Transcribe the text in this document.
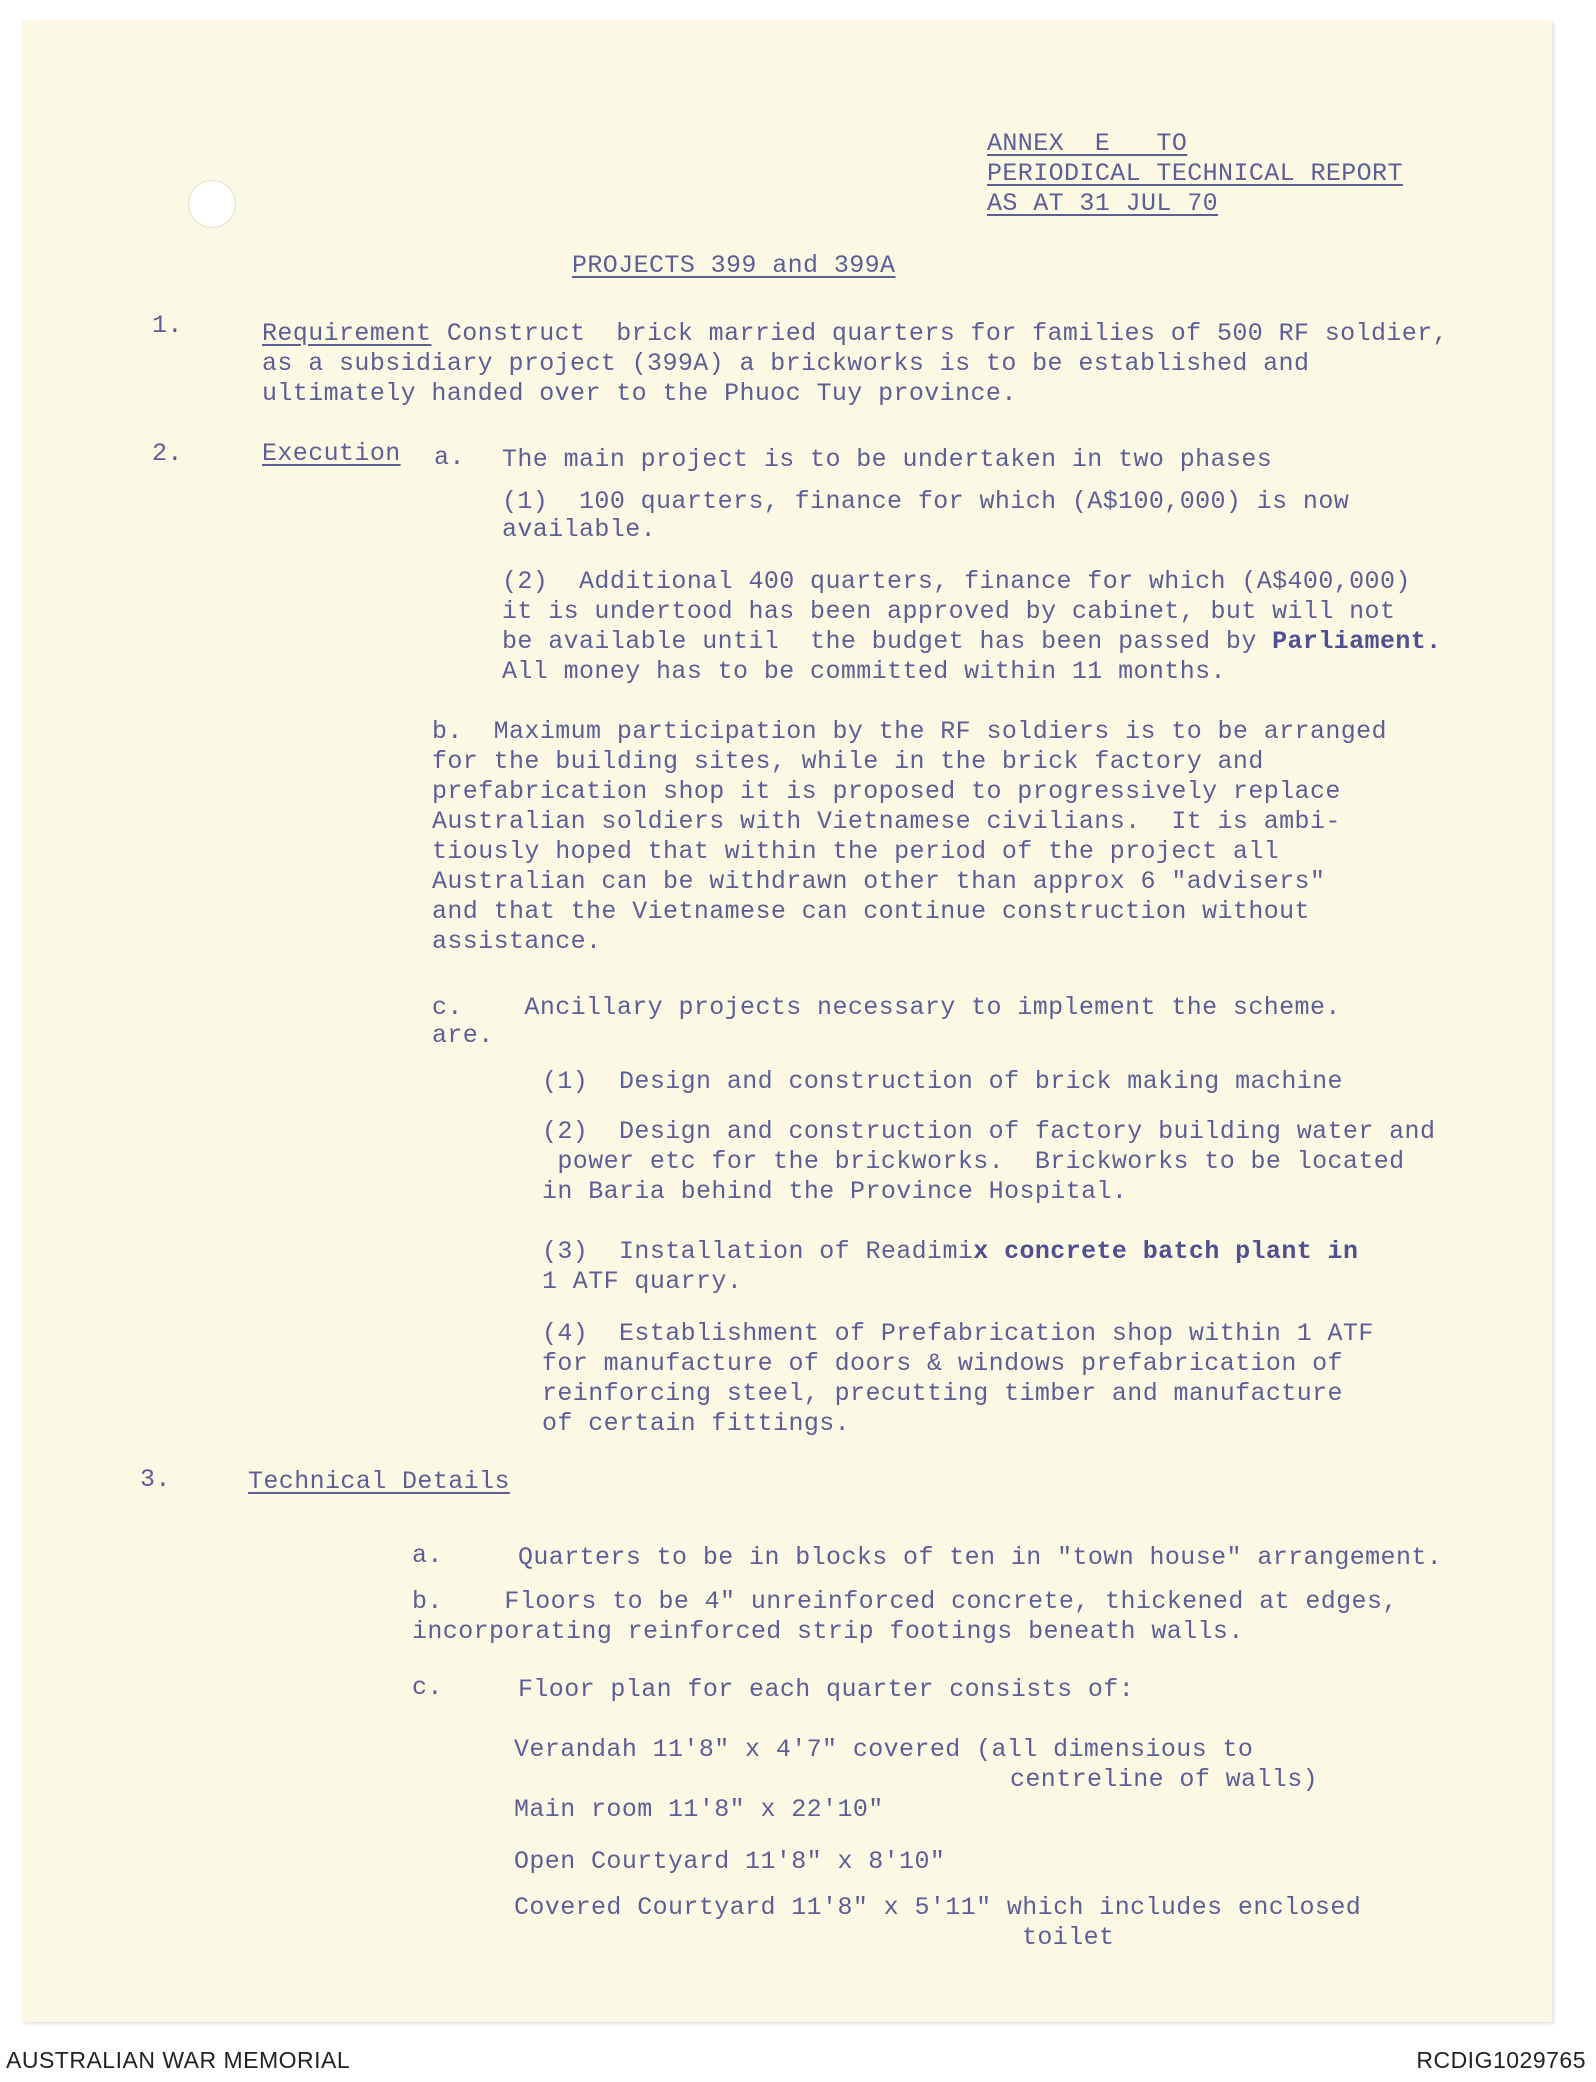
ANNEX  E   TO

PERIODICAL TECHNICAL REPORT

AS AT 31 JUL 70

PROJECTS 399 and 399A

1.	Requirement Construct  brick married quarters for families of 500 RF soldier,

as a subsidiary project (399A) a brickworks is to be established and

ultimately handed over to the Phuoc Tuy province.

2.	Execution a. The main project is to be undertaken in two phases

(1)  100 quarters, finance for which (A$100,000) is now

available.

(2)  Additional 400 quarters, finance for which (A$400,000)

it is undertood has been approved by cabinet, but will not

be available until  the budget has been passed by Parliament.

All money has to be committed within 11 months.

b.  Maximum participation by the RF soldiers is to be arranged

for the building sites, while in the brick factory and

prefabrication shop it is proposed to progressively replace

Australian soldiers with Vietnamese civilians.  It is ambi-

tiously hoped that within the period of the project all

Australian can be withdrawn other than approx 6 "advisers"

and that the Vietnamese can continue construction without

assistance.

c.    Ancillary projects necessary to implement the scheme.

are.

(1)  Design and construction of brick making machine

(2)  Design and construction of factory building water and

power etc for the brickworks.  Brickworks to be located

in Baria behind the Province Hospital.

(3)  Installation of Readimix concrete batch plant in

1 ATF quarry.

(4)  Establishment of Prefabrication shop within 1 ATF

for manufacture of doors & windows prefabrication of

reinforcing steel, precutting timber and manufacture

of certain fittings.

3.	Technical Details

a.	Quarters to be in blocks of ten in "town house" arrangement.

b.    Floors to be 4" unreinforced concrete, thickened at edges,

incorporating reinforced strip footings beneath walls.

c.	Floor plan for each quarter consists of:

Verandah 11'8" x 4'7" covered (all dimensious to

centreline of walls)

Main room 11'8" x 22'10"

Open Courtyard 11'8" x 8'10"

Covered Courtyard 11'8" x 5'11" which includes enclosed

toilet

AUSTRALIAN WAR MEMORIAL	RCDIG1029765
